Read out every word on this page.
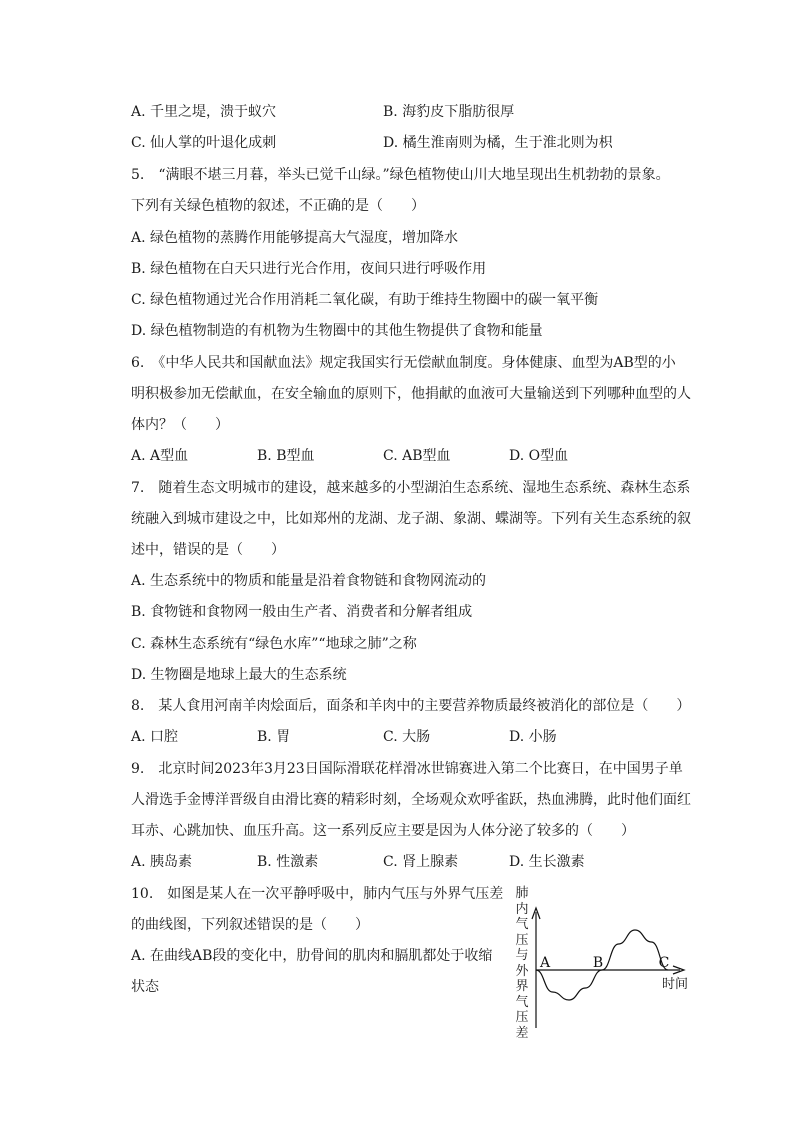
A. 千里之堤，溃于蚁穴	B. 海豹皮下脂肪很厚
C. 仙人掌的叶退化成刺	D. 橘生淮南则为橘，生于淮北则为枳
5.　“满眼不堪三月暮，举头已觉千山绿。”绿色植物使山川大地呈现出生机勃勃的景象。
下列有关绿色植物的叙述，不正确的是（　　）
A. 绿色植物的蒸腾作用能够提高大气湿度，增加降水
B. 绿色植物在白天只进行光合作用，夜间只进行呼吸作用
C. 绿色植物通过光合作用消耗二氧化碳，有助于维持生物圈中的碳一氧平衡
D. 绿色植物制造的有机物为生物圈中的其他生物提供了食物和能量
6.　《中华人民共和国献血法》规定我国实行无偿献血制度。身体健康、血型为AB型的小
明积极参加无偿献血，在安全输血的原则下，他捐献的血液可大量输送到下列哪种血型的人
体内？（　　）
A. A型血	B. B型血	C. AB型血	D. O型血
7.　随着生态文明城市的建设，越来越多的小型湖泊生态系统、湿地生态系统、森林生态系
统融入到城市建设之中，比如郑州的龙湖、龙子湖、象湖、蝶湖等。下列有关生态系统的叙
述中，错误的是（　　）
A. 生态系统中的物质和能量是沿着食物链和食物网流动的
B. 食物链和食物网一般由生产者、消费者和分解者组成
C. 森林生态系统有“绿色水库”“地球之肺”之称
D. 生物圈是地球上最大的生态系统
8.　某人食用河南羊肉烩面后，面条和羊肉中的主要营养物质最终被消化的部位是（　　）
A. 口腔	B. 胃	C. 大肠	D. 小肠
9.　北京时间2023年3月23日国际滑联花样滑冰世锦赛进入第二个比赛日，在中国男子单
人滑选手金博洋晋级自由滑比赛的精彩时刻，全场观众欢呼雀跃，热血沸腾，此时他们面红
耳赤、心跳加快、血压升高。这一系列反应主要是因为人体分泌了较多的（　　）
A. 胰岛素	B. 性激素	C. 肾上腺素	D. 生长激素
10.　如图是某人在一次平静呼吸中，肺内气压与外界气压差
的曲线图，下列叙述错误的是（　　）
A. 在曲线AB段的变化中，肋骨间的肌肉和膈肌都处于收缩
状态
肺内气压与外界气压差
A	B	C
时间
